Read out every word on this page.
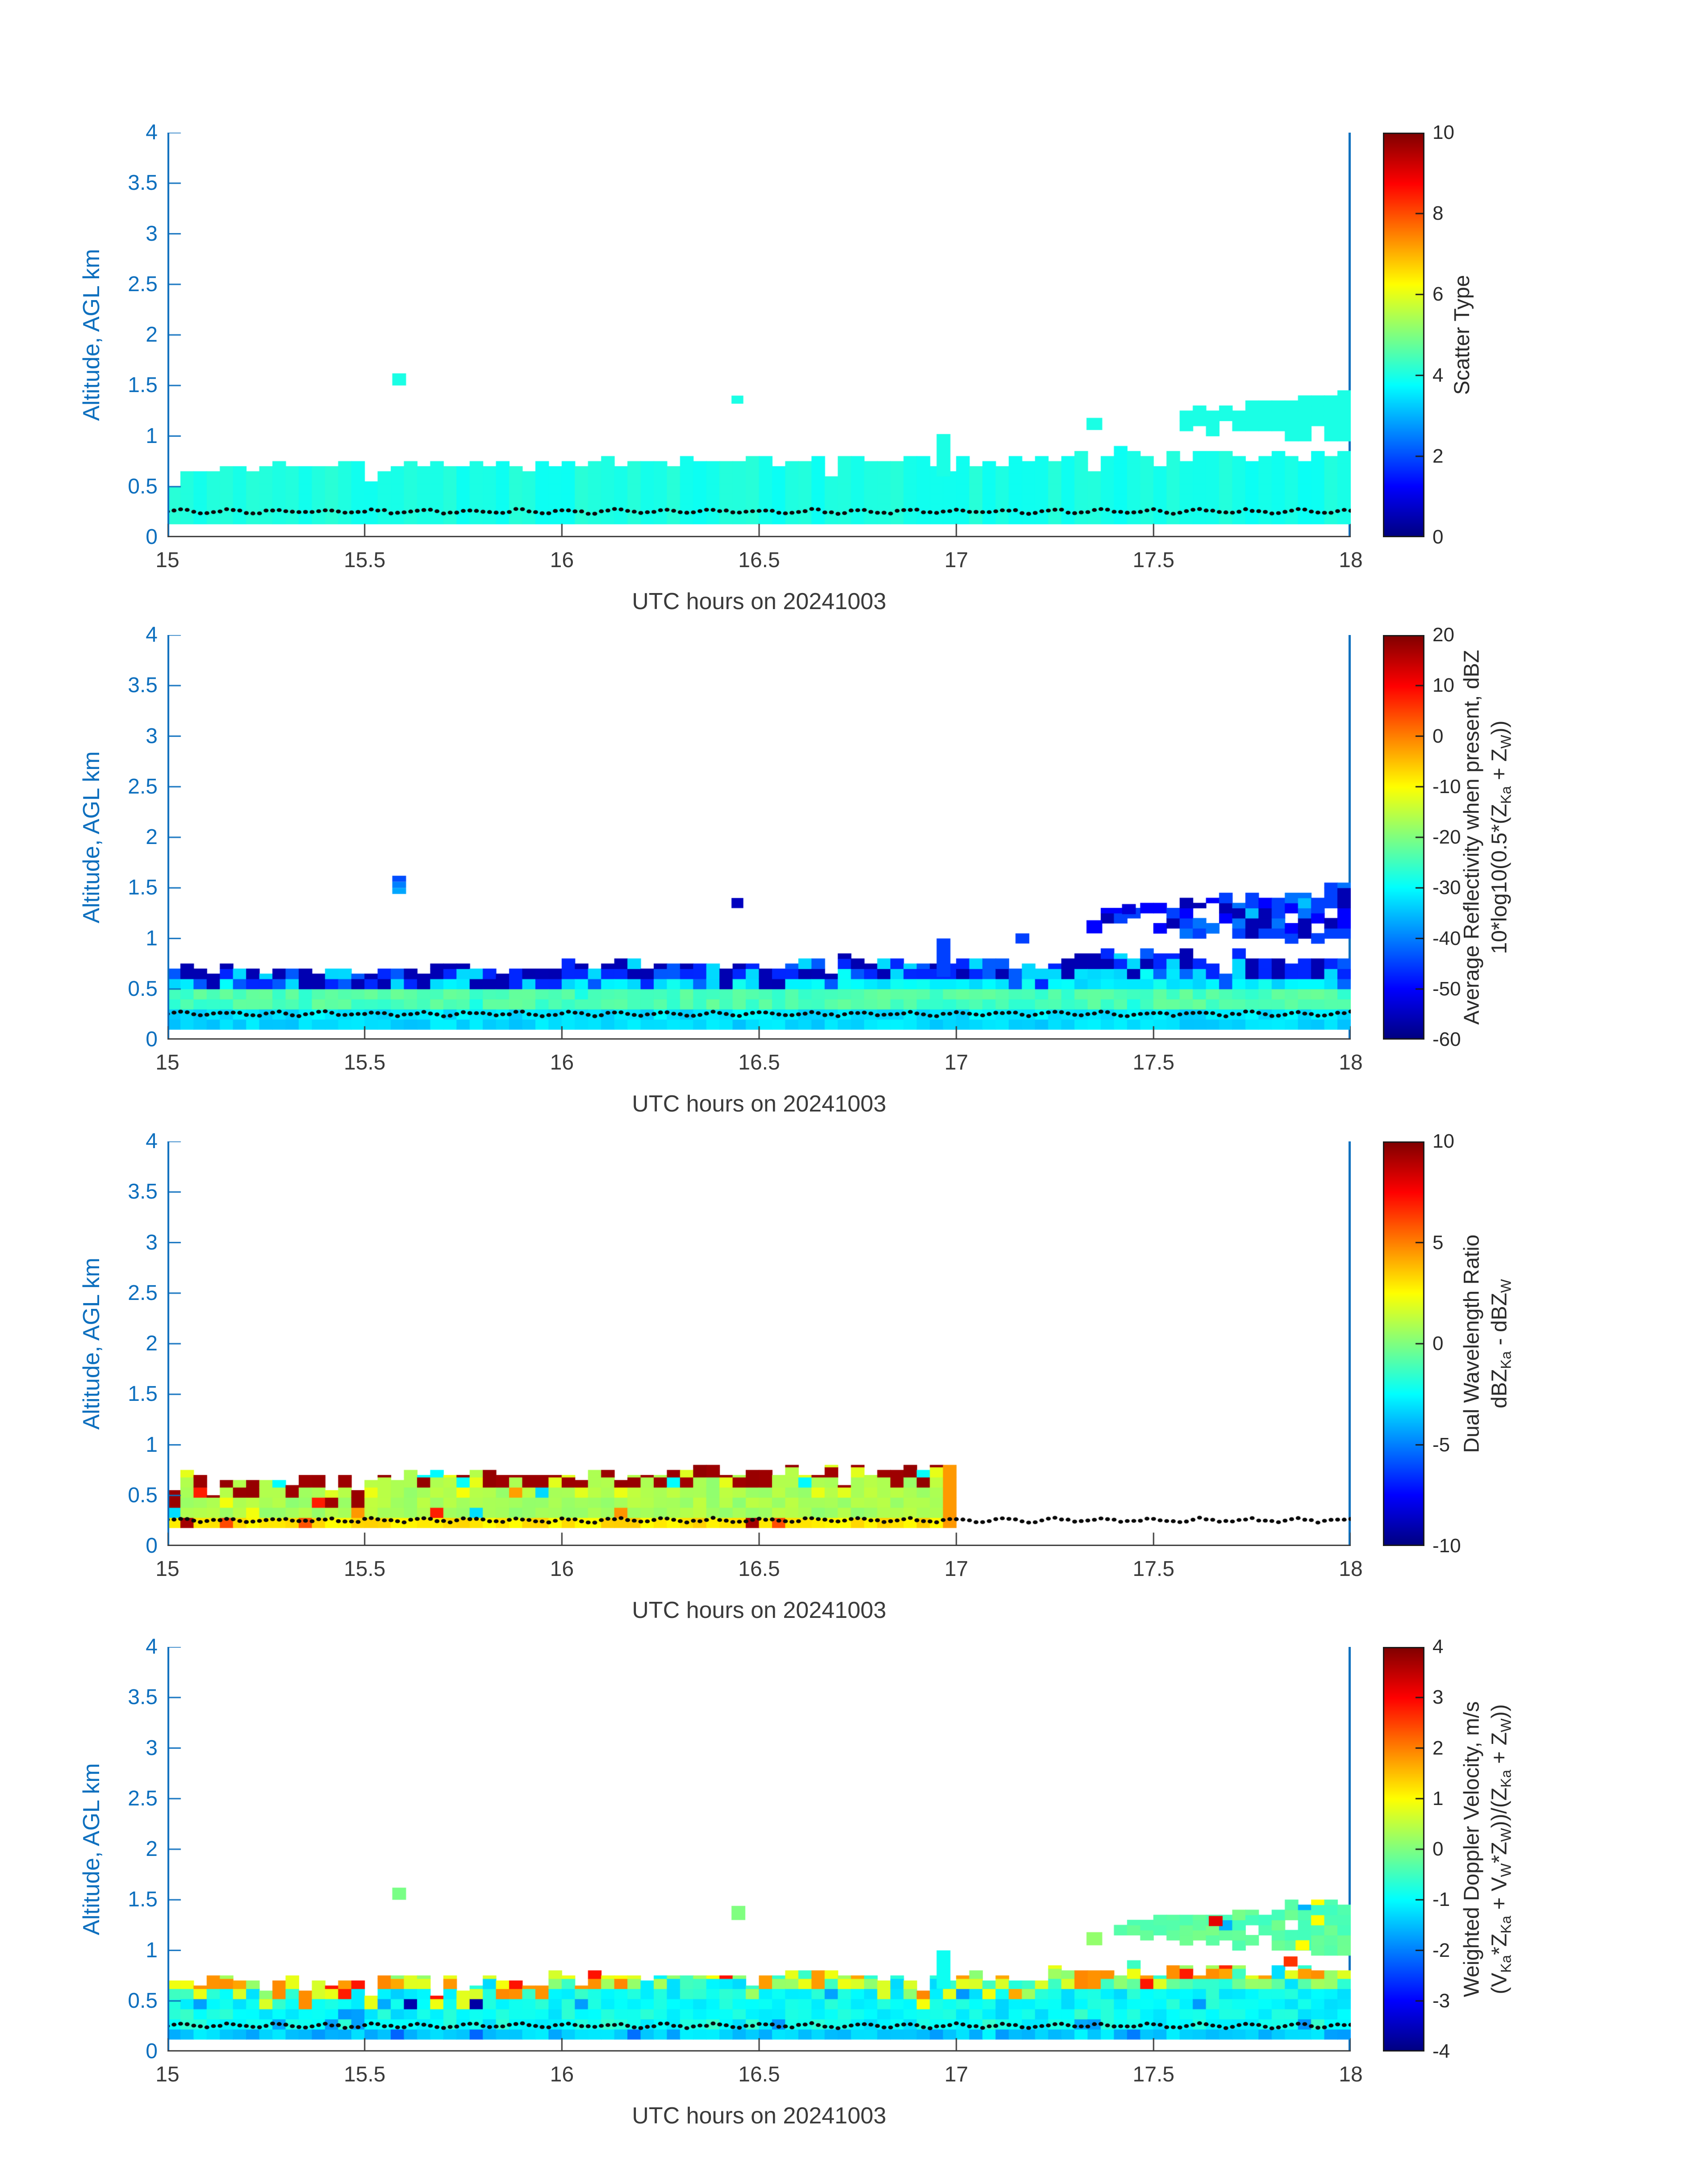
Altitude, AGL km	Scatter Type
UTC hours on 20241003
0
0.5
1
1.5
2
2.5
3
3.5
4
15	15.5	16	16.5	17	17.5	18
0
2
4
6
8
10
Altitude, AGL km	Average Reflectivity when present, dBZ $10*\log 10(0.5*(Z_{Ka} + Z_W))$
UTC hours on 20241003
0
0.5
1
1.5
2
2.5
3
3.5
4
15	15.5	16	16.5	17	17.5	18
-60
-50
-40
-30
-20
-10
0
10
20
Altitude, AGL km	Dual Wavelength Ratio dBZ$_{Ka}$ - dBZ$_W$
UTC hours on 20241003
0
0.5
1
1.5
2
2.5
3
3.5
4
15	15.5	16	16.5	17	17.5	18
-10
-5
0
5
10
Altitude, AGL km	Weighted Doppler Velocity, m/s $(V_{Ka}*Z_{Ka} + V_W*Z_W))/(Z_{Ka} + Z_W)$)
UTC hours on 20241003
0
0.5
1
1.5
2
2.5
3
3.5
4
15	15.5	16	16.5	17	17.5	18
-4
-3
-2
-1
0
1
2
3
4
